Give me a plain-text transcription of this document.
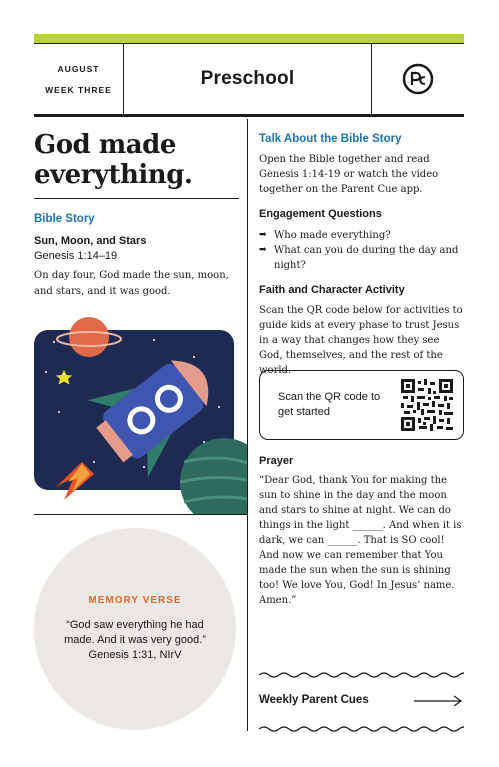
AUGUST
WEEK THREE
Preschool
God made
everything.
Bible Story
Sun, Moon, and Stars
Genesis 1:14–19
On day four, God made the sun, moon, and stars, and it was good.
MEMORY VERSE
“God saw everything he had made. And it was very good.”
Genesis 1:31, NIrV
Talk About the Bible Story
Open the Bible together and read Genesis 1:14-19 or watch the video together on the Parent Cue app.
Engagement Questions
➡ Who made everything?
➡ What can you do during the day and night?
Faith and Character Activity
Scan the QR code below for activities to guide kids at every phase to trust Jesus in a way that changes how they see God, themselves, and the rest of the world.
Scan the QR code to get started
Prayer
“Dear God, thank You for making the sun to shine in the day and the moon and stars to shine at night. We can do things in the light ______. And when it is dark, we can ______. That is SO cool! And now we can remember that You made the sun when the sun is shining too! We love You, God! In Jesus’ name. Amen.”
Weekly Parent Cues
